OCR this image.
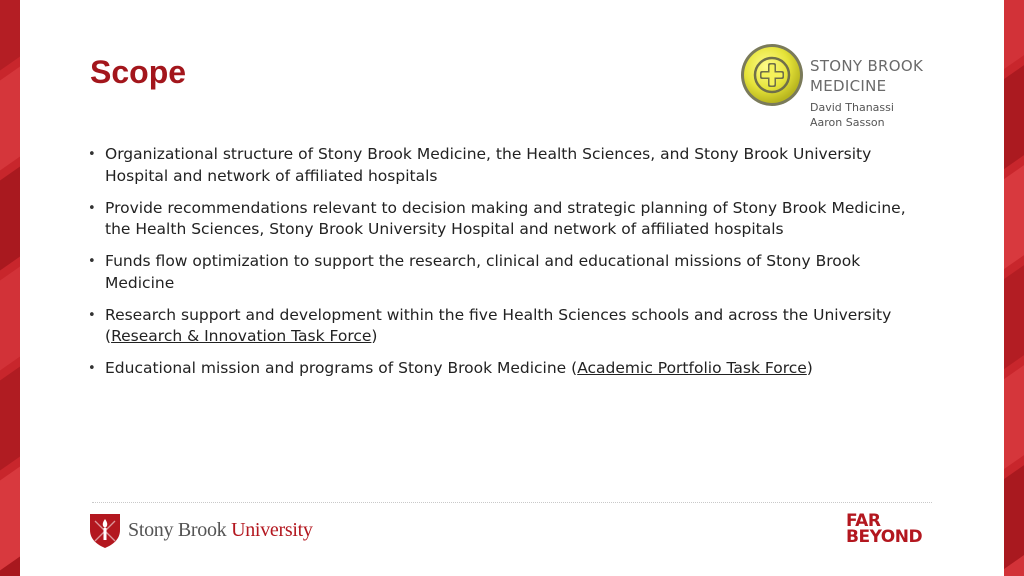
Scope	STONY BROOK
MEDICINE
David Thanassi
Aaron Sasson
• Organizational structure of Stony Brook Medicine, the Health Sciences, and Stony Brook University Hospital and network of affiliated hospitals
• Provide recommendations relevant to decision making and strategic planning of Stony Brook Medicine, the Health Sciences, Stony Brook University Hospital and network of affiliated hospitals
• Funds flow optimization to support the research, clinical and educational missions of Stony Brook Medicine
• Research support and development within the five Health Sciences schools and across the University (Research & Innovation Task Force)
• Educational mission and programs of Stony Brook Medicine (Academic Portfolio Task Force)
Stony Brook University	FAR
BEYOND
